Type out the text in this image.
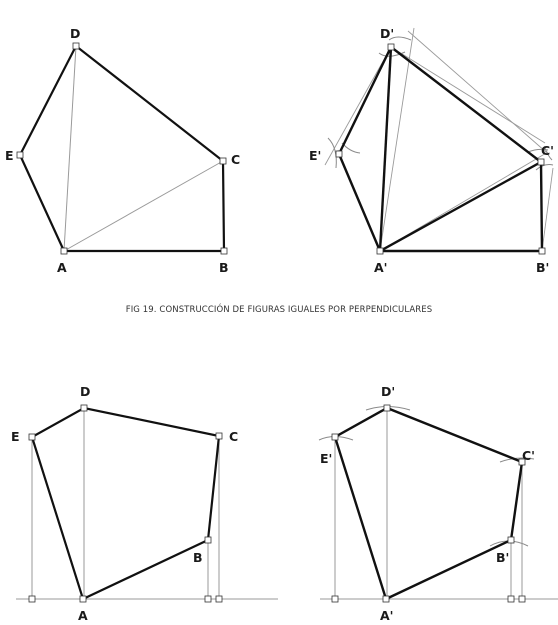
A	B
C
D
E
A'	B'
C'
D'
E'
A
B
C
D
E
A'
B'
C'
D'
E'
FIG 19. CONSTRUCCIÓN DE FIGURAS IGUALES POR PERPENDICULARES
